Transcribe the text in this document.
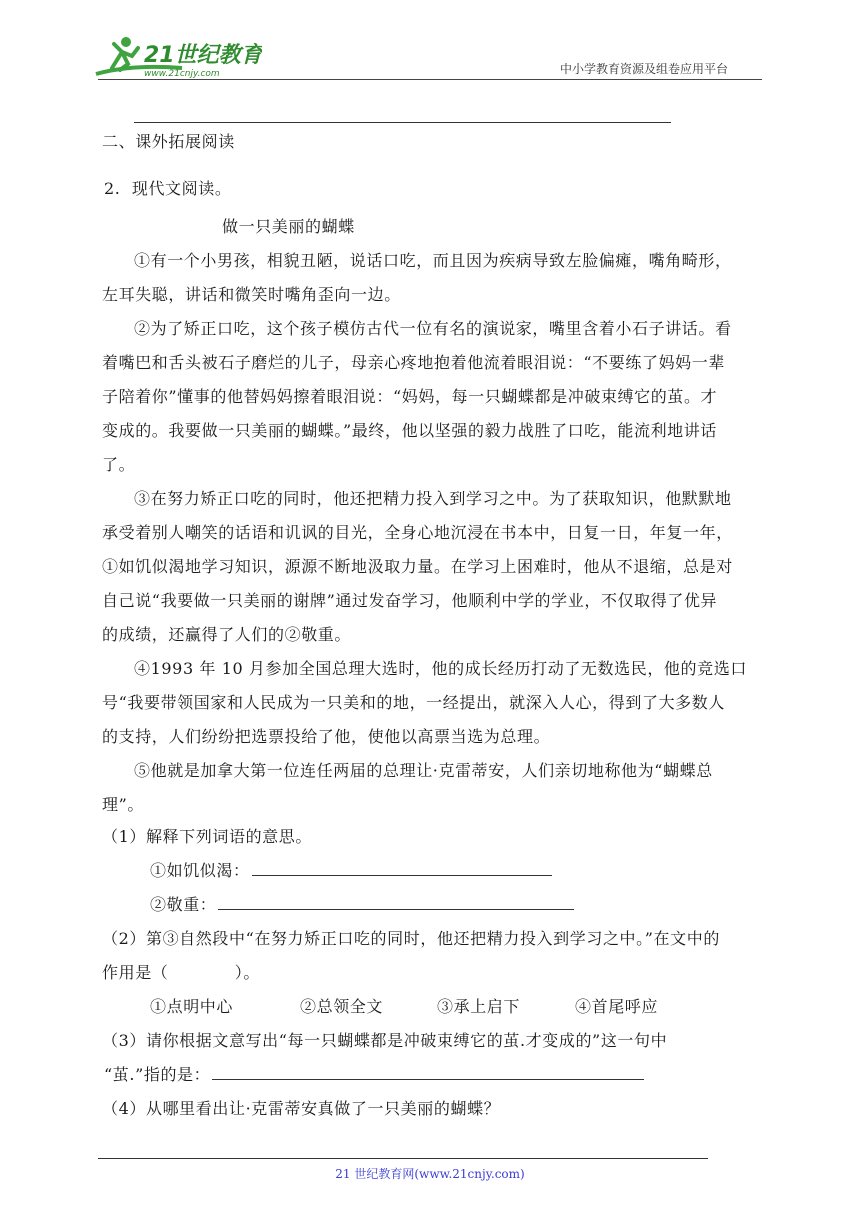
21世纪教育
www.21cnjy.com	中小学教育资源及组卷应用平台
二、课外拓展阅读
2. 现代文阅读。
做一只美丽的蝴蝶
①有一个小男孩，相貌丑陋，说话口吃，而且因为疾病导致左脸偏瘫，嘴角畸形，
左耳失聪，讲话和微笑时嘴角歪向一边。
②为了矫正口吃，这个孩子模仿古代一位有名的演说家，嘴里含着小石子讲话。看
着嘴巴和舌头被石子磨烂的儿子，母亲心疼地抱着他流着眼泪说：“不要练了妈妈一辈
子陪着你”懂事的他替妈妈擦着眼泪说：“妈妈，每一只蝴蝶都是冲破束缚它的茧。才
变成的。我要做一只美丽的蝴蝶。”最终，他以坚强的毅力战胜了口吃，能流利地讲话
了。
③在努力矫正口吃的同时，他还把精力投入到学习之中。为了获取知识，他默默地
承受着别人嘲笑的话语和讥讽的目光，全身心地沉浸在书本中，日复一日，年复一年，
①如饥似渴地学习知识，源源不断地汲取力量。在学习上困难时，他从不退缩，总是对
自己说“我要做一只美丽的谢牌”通过发奋学习，他顺利中学的学业，不仅取得了优异
的成绩，还赢得了人们的②敬重。
④1993 年 10 月参加全国总理大选时，他的成长经历打动了无数选民，他的竞选口
号“我要带领国家和人民成为一只美和的地，一经提出，就深入人心，得到了大多数人
的支持，人们纷纷把选票投给了他，使他以高票当选为总理。
⑤他就是加拿大第一位连任两届的总理让·克雷蒂安，人们亲切地称他为“蝴蝶总
理”。
（1）解释下列词语的意思。
①如饥似渴：
②敬重：
（2）第③自然段中“在努力矫正口吃的同时，他还把精力投入到学习之中。”在文中的
作用是（　　　　）。
①点明中心	②总领全文	③承上启下	④首尾呼应
（3）请你根据文意写出“每一只蝴蝶都是冲破束缚它的茧.才变成的”这一句中
“茧.”指的是：
（4）从哪里看出让·克雷蒂安真做了一只美丽的蝴蝶？
21 世纪教育网(www.21cnjy.com)
